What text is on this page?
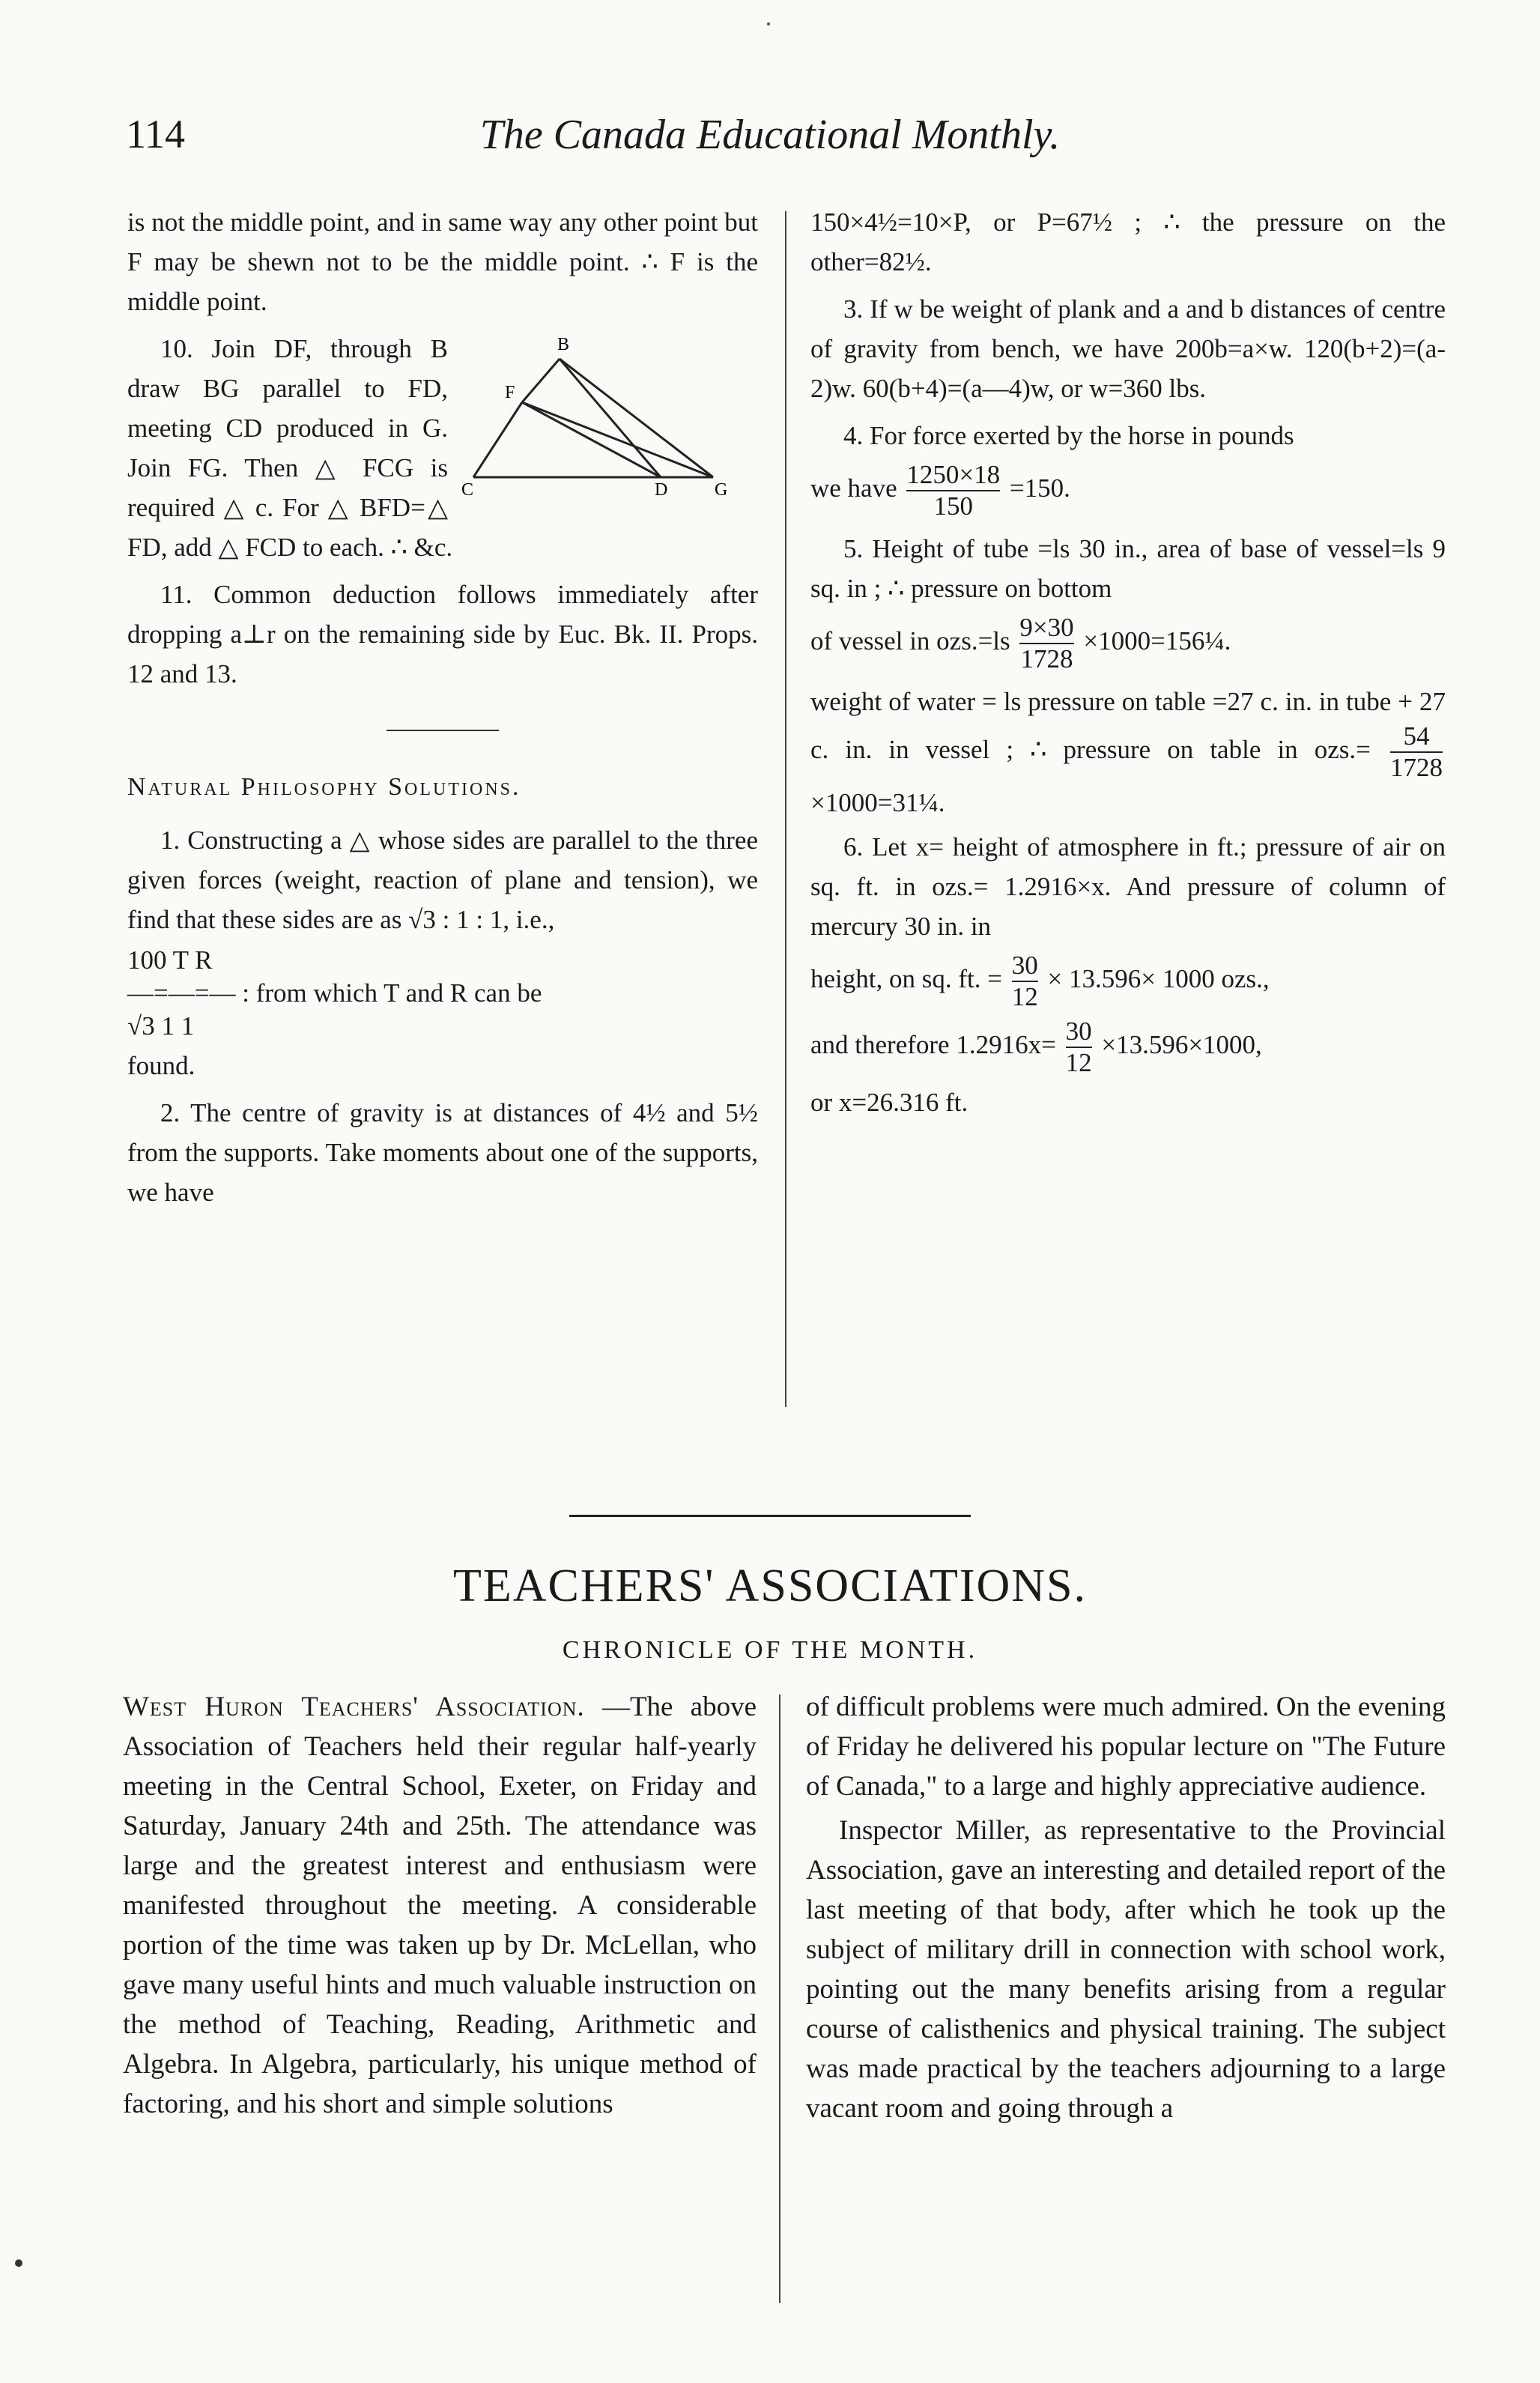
114	The Canada Educational Monthly.

is not the middle point, and in same way any other point but F may be shewn not to be the middle point. ∴ F is the middle point.

B
F
C	D	G

10. Join DF, through B draw BG parallel to FD, meeting CD produced in G. Join FG. Then △ FCG is required △ c. For △ BFD=△ FD, add △ FCD to each. ∴ &c.

11. Common deduction follows immediately after dropping a⊥r on the remaining side by Euc. Bk. II. Props. 12 and 13.

Natural Philosophy Solutions.

1. Constructing a △ whose sides are parallel to the three given forces (weight, reaction of plane and tension), we find that these sides are as √3 : 1 : 1, i.e.,

100 T R
—=—=— : from which T and R can be
√3 1 1

found.

2. The centre of gravity is at distances of 4½ and 5½ from the supports. Take moments about one of the supports, we have

150×4½=10×P, or P=67½ ; ∴ the pressure on the other=82½.

3. If w be weight of plank and a and b distances of centre of gravity from bench, we have 200b=a×w. 120(b+2)=(a-2)w. 60(b+4)=(a—4)w, or w=360 lbs.

4. For force exerted by the horse in pounds

we have $\frac{1250\times 18}{150} =150$.

5. Height of tube =ls 30 in., area of base of vessel=ls 9 sq. in ; ∴ pressure on bottom

of vessel in $ozs.=ls \frac{9\times 30}{1728}$ ×1000=156¼.

weight of water = ls pressure on table =27 c. in. in tube + 27 c. in. in vessel ; ∴ pressure on table in $ozs.= \frac{54}{1728}$
×1000=31¼.

6. Let x= height of atmosphere in ft.; pressure of air on sq. ft. in ozs.= 1.2916×x. And pressure of column of mercury 30 in. in

height, on sq. ft. = $\frac{30}{12} \times 13.596\times 1000$ ozs.,

and therefore $1.2916x= \frac{30}{12} \times 13.596\times 1000$,

or x=26.316 ft.

TEACHERS' ASSOCIATIONS.
CHRONICLE OF THE MONTH.

West Huron Teachers' Association. —The above Association of Teachers held their regular half-yearly meeting in the Central School, Exeter, on Friday and Saturday, January 24th and 25th. The attendance was large and the greatest interest and enthusiasm were manifested throughout the meeting. A considerable portion of the time was taken up by Dr. McLellan, who gave many useful hints and much valuable instruction on the method of Teaching, Reading, Arithmetic and Algebra. In Algebra, particularly, his unique method of factoring, and his short and simple solutions

of difficult problems were much admired. On the evening of Friday he delivered his popular lecture on "The Future of Canada," to a large and highly appreciative audience.

Inspector Miller, as representative to the Provincial Association, gave an interesting and detailed report of the last meeting of that body, after which he took up the subject of military drill in connection with school work, pointing out the many benefits arising from a regular course of calisthenics and physical training. The subject was made practical by the teachers adjourning to a large vacant room and going through a
